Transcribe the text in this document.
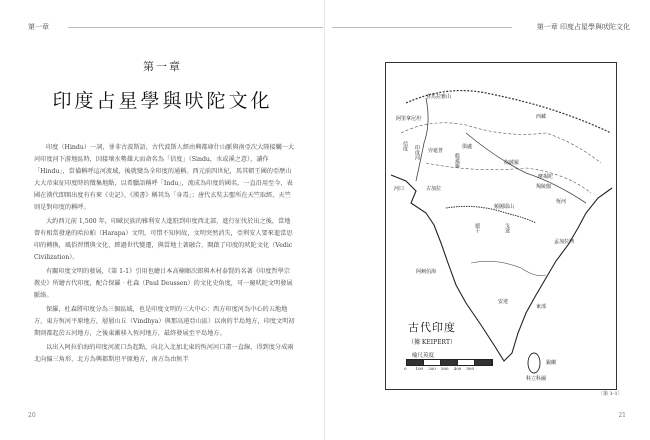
第一章
第一章
印度占星學與吠陀文化

印度（Hindu）一詞，並非古波斯語，古代波斯人經由興都庫什山脈與南亞次大陸接觸一大河印度河下游地區時，因接壤水勢雄大而命名為「信度」（Sindu，水或溪之意），讀作「Hindu」，當備稱呼這河流域，後就變為全印度的通稱。西元前四世紀，馬其頓王國的亞歷山大大帝東征印度時的徵集地點，以希臘語稱呼「Indu」，流成為印度的國名，一直沿用至今，表國在漢代即開出度有有來《史記》、《漢書》稱其為「身毒」；唐代玄奘去聖所在天竺取經，天竺則是對印度的稱呼。

大約西元前 1,500 年，印歐民族的雅利安人進駐到印度西北部，進行征伐於出之後，當地曾有相當發達的哈拉帕（Harapa）文明，可惜不知何故，文明突然消失，亞利安人要來進當思印的轉換，風俗習慣與文化，經過世代變遷，與當地土著融合，開啟了印度的吠陀文化（Vedic Civilization）。

有關印度文明的發展，《第 1-1》引用也繪日本高楠順次郎與木村泰賢的名著《印度哲學宗教史》所繪古代印度，配合保羅‧杜森（Paul Deussen）的文化史角度，可一窺吠陀文明發展脈絡。

保羅，杜森將印度分為三個區域，也是印度文明的三大中心：西方印度河為中心的五地地方，東方恆河平原地方，層層山丘（Vindhya）與那高遠亞山區）以南的半島地方，印度文明初期則都起於五河地方，之後東漸移入恆河地方，最終發展至平島地方。

以出入阿拉伯海的印度河流口為起點，向北入北加北東的恆河河口畫一直線，得到度分成兩北向偏三角形，北方為興都斯坦平原地方，南方為由無半

20
第一章 印度占星學與吠陀文化
21
喜馬拉雅山
西藏
阿里拿尼坦
信度 印度河 旁遮普
般遮羅
俱盧
拘薩羅
摩揭陀
恆河
河口	古加拉
頻闍耶山
羯陵伽
孟加拉灣
德干
阿剌伯海
戈達
安達
東部
科立科爾
錫蘭
古代印度
（據 KEIPERT）
喻尺英度
0 100 200 300 400 500
〔第 1-1〕
